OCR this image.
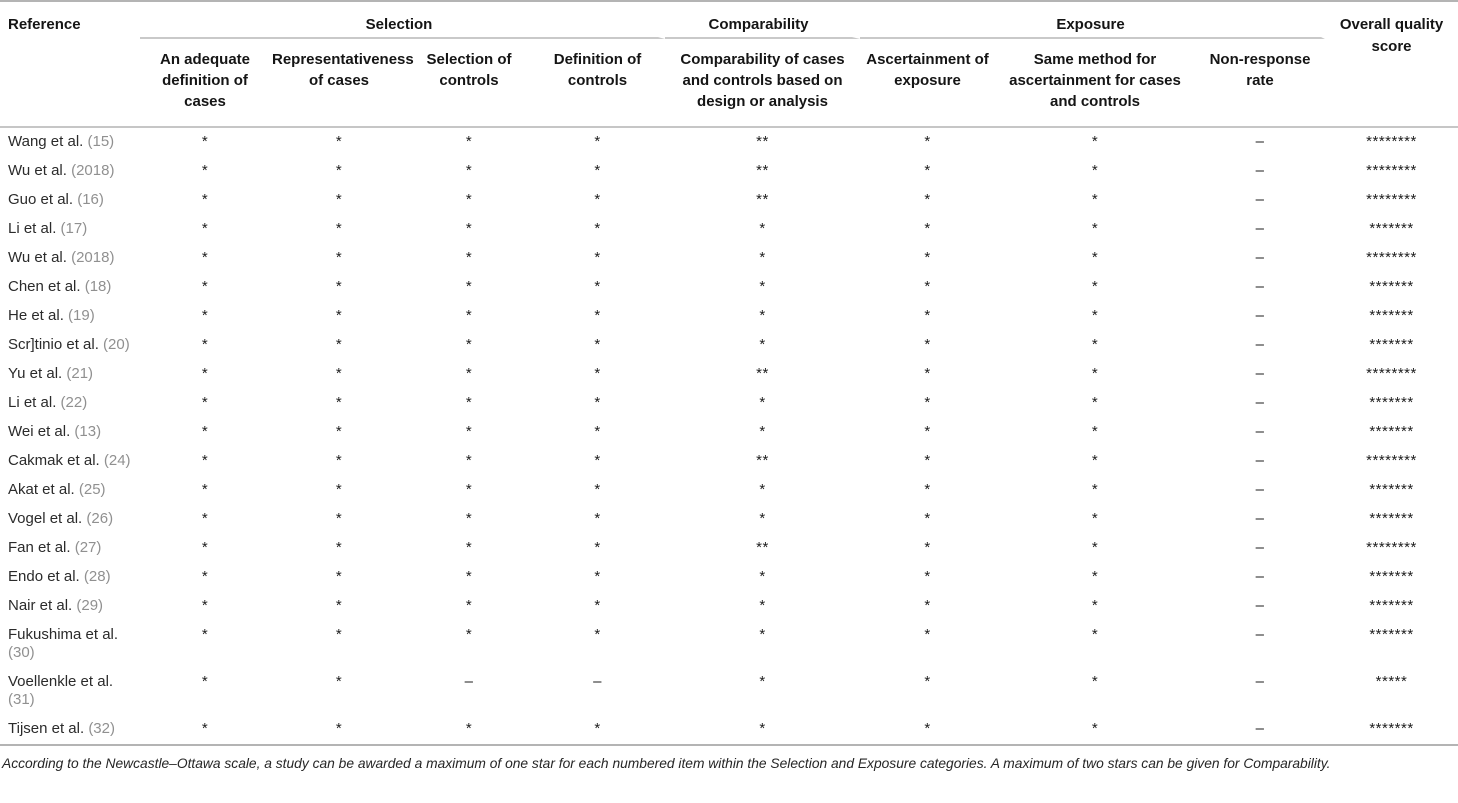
Reference	Selection				Comparability	Exposure			Overall quality score
	An adequate definition of cases	Representativeness of cases	Selection of controls	Definition of controls	Comparability of cases and controls based on design or analysis	Ascertainment of exposure	Same method for ascertainment for cases and controls	Non-response rate	
Wang et al. (15)	*	*	*	*	**	*	*	–	********
Wu et al. (2018)	*	*	*	*	**	*	*	–	********
Guo et al. (16)	*	*	*	*	**	*	*	–	********
Li et al. (17)	*	*	*	*	*	*	*	–	*******
Wu et al. (2018)	*	*	*	*	*	*	*	–	********
Chen et al. (18)	*	*	*	*	*	*	*	–	*******
He et al. (19)	*	*	*	*	*	*	*	–	*******
Scr]tinio et al. (20)	*	*	*	*	*	*	*	–	*******
Yu et al. (21)	*	*	*	*	**	*	*	–	********
Li et al. (22)	*	*	*	*	*	*	*	–	*******
Wei et al. (13)	*	*	*	*	*	*	*	–	*******
Cakmak et al. (24)	*	*	*	*	**	*	*	–	********
Akat et al. (25)	*	*	*	*	*	*	*	–	*******
Vogel et al. (26)	*	*	*	*	*	*	*	–	*******
Fan et al. (27)	*	*	*	*	**	*	*	–	********
Endo et al. (28)	*	*	*	*	*	*	*	–	*******
Nair et al. (29)	*	*	*	*	*	*	*	–	*******
Fukushima et al. (30)	*	*	*	*	*	*	*	–	*******
Voellenkle et al. (31)	*	*	–	–	*	*	*	–	*****
Tijsen et al. (32)	*	*	*	*	*	*	*	–	*******
According to the Newcastle–Ottawa scale, a study can be awarded a maximum of one star for each numbered item within the Selection and Exposure categories. A maximum of two stars can be given for Comparability.
